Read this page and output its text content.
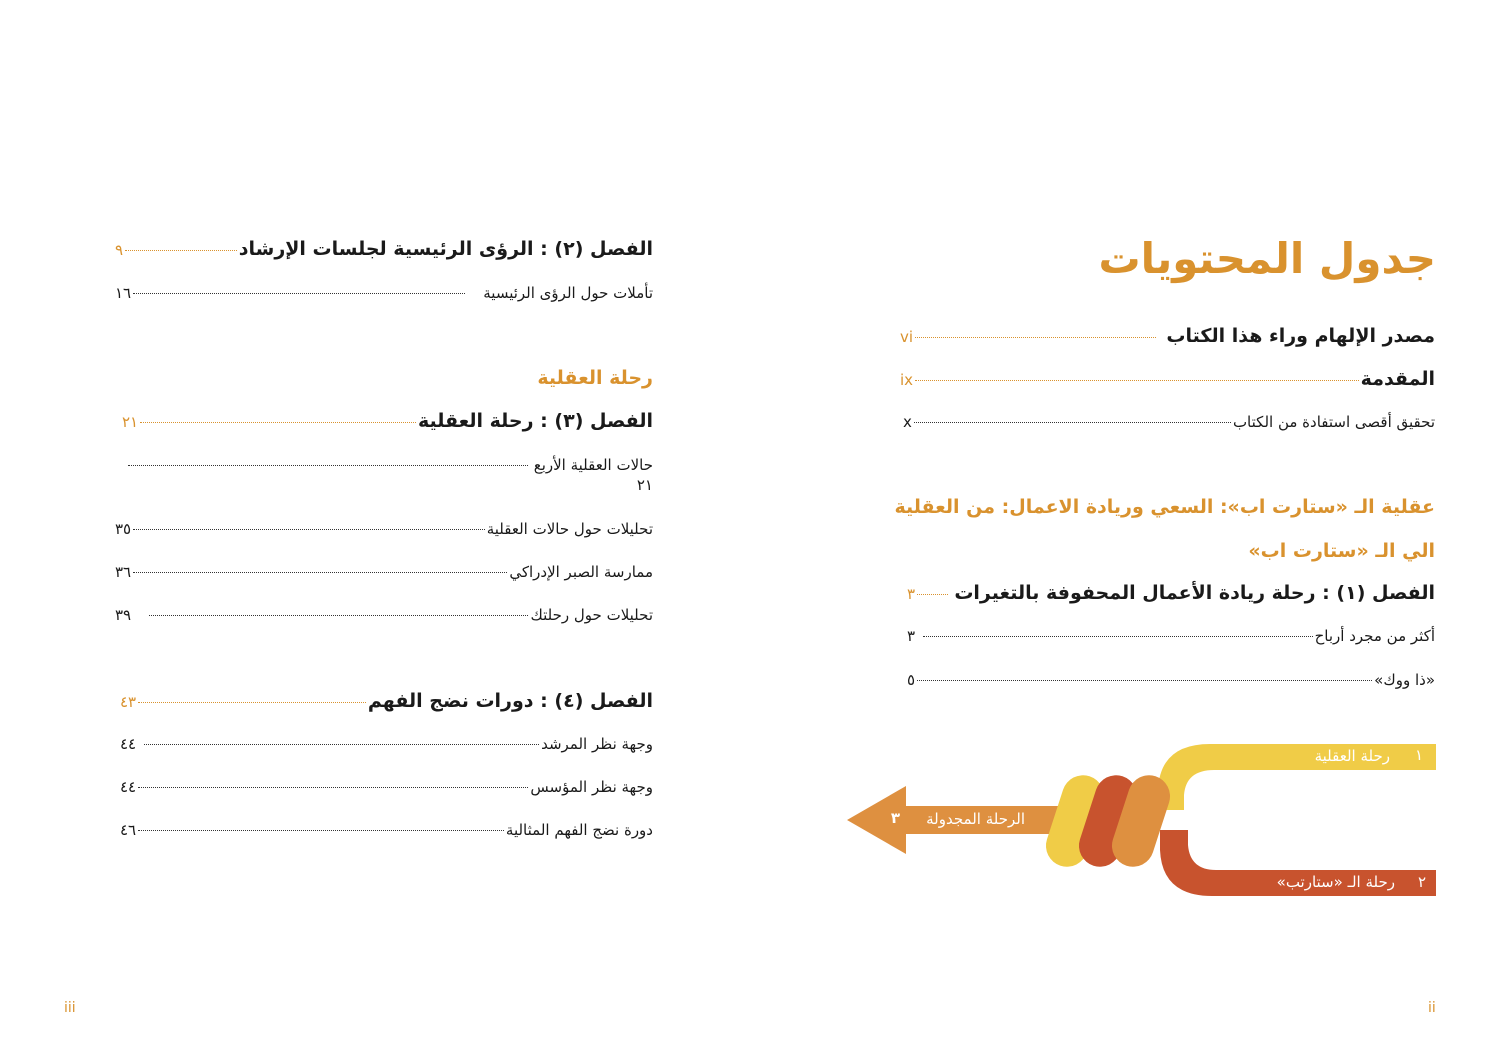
الفصل (٢) : الرؤى الرئيسية لجلسات الإرشاد
٩
تأملات حول الرؤى الرئيسية
١٦
رحلة العقلية
الفصل (٣) : رحلة العقلية
٢١
حالات العقلية الأربع
٢١
تحليلات حول حالات العقلية
٣٥
ممارسة الصبر الإدراكي
٣٦
تحليلات حول رحلتك
٣٩
الفصل (٤) : دورات نضج الفهم
٤٣
وجهة نظر المرشد
٤٤
وجهة نظر المؤسس
٤٤
دورة نضج الفهم المثالية
٤٦
iii
جدول المحتويات
مصدر الإلهام وراء هذا الكتاب
vi
المقدمة
ix
تحقيق أقصى استفادة من الكتاب
x
عقلية الـ «ستارت اب»: السعي وريادة الاعمال: من العقلية
الي الـ «ستارت اب»
الفصل (١) : رحلة ريادة الأعمال المحفوفة بالتغيرات
٣
أكثر من مجرد أرباح
٣
«ذا ووك»
٥
١
رحلة العقلية
٢
رحلة الـ «ستارتب»
الرحلة المجدولة
٣
ii
